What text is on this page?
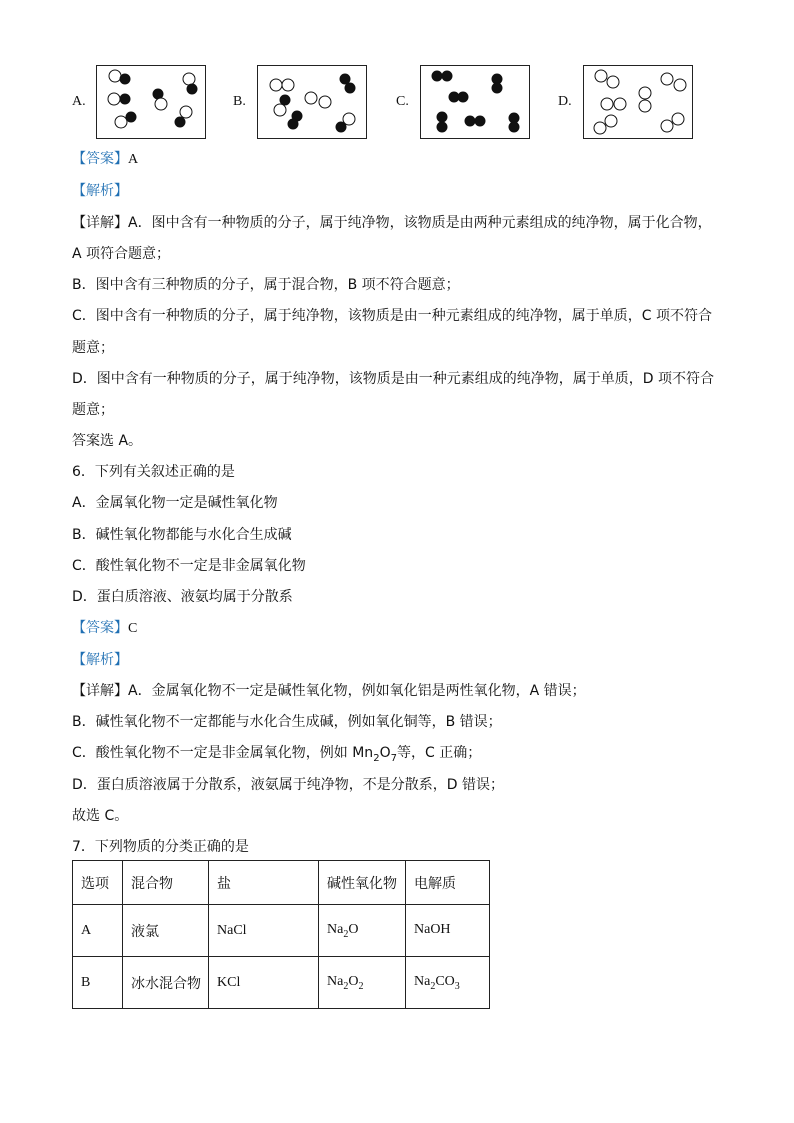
A.	B.	C.	D.
【答案】A
【解析】
【详解】A．图中含有一种物质的分子，属于纯净物，该物质是由两种元素组成的纯净物，属于化合物，
A 项符合题意；
B．图中含有三种物质的分子，属于混合物，B 项不符合题意；
C．图中含有一种物质的分子，属于纯净物，该物质是由一种元素组成的纯净物，属于单质，C 项不符合
题意；
D．图中含有一种物质的分子，属于纯净物，该物质是由一种元素组成的纯净物，属于单质，D 项不符合
题意；
答案选 A。
6．下列有关叙述正确的是
A．金属氧化物一定是碱性氧化物
B．碱性氧化物都能与水化合生成碱
C．酸性氧化物不一定是非金属氧化物
D．蛋白质溶液、液氨均属于分散系
【答案】C
【解析】
【详解】A．金属氧化物不一定是碱性氧化物，例如氧化铝是两性氧化物，A 错误；
B．碱性氧化物不一定都能与水化合生成碱，例如氧化铜等，B 错误；
C．酸性氧化物不一定是非金属氧化物，例如 $Mn_2O_7$等，C 正确；
D．蛋白质溶液属于分散系，液氨属于纯净物，不是分散系，D 错误；
故选 C。
7．下列物质的分类正确的是
选项	混合物	盐	碱性氧化物	电解质
A	液氯	NaCl	$Na_2O$	NaOH
B	冰水混合物	KCl	$Na_2O_2$	$Na_2CO_3$
